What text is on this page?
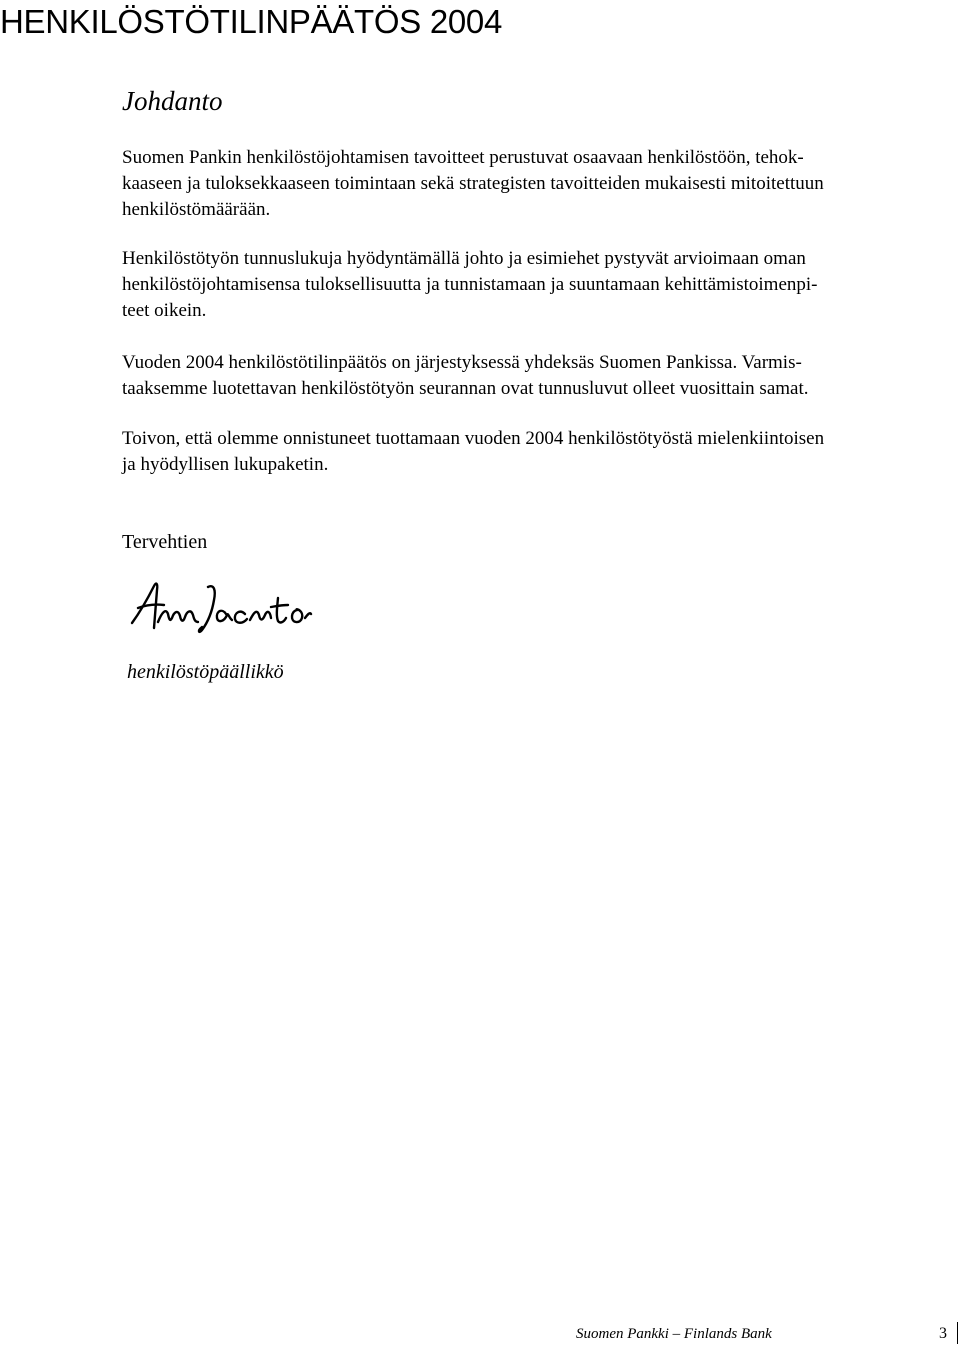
HENKILÖSTÖTILINPÄÄTÖS 2004
Johdanto

Suomen Pankin henkilöstöjohtamisen tavoitteet perustuvat osaavaan henkilöstöön, tehok-
kaaseen ja tuloksekkaaseen toimintaan sekä strategisten tavoitteiden mukaisesti mitoitettuun
henkilöstömäärään.

Henkilöstötyön tunnuslukuja hyödyntämällä johto ja esimiehet pystyvät arvioimaan oman
henkilöstöjohtamisensa tuloksellisuutta ja tunnistamaan ja suuntamaan kehittämistoimenpi-
teet oikein.

Vuoden 2004 henkilöstötilinpäätös on järjestyksessä yhdeksäs Suomen Pankissa. Varmis-
taaksemme luotettavan henkilöstötyön seurannan ovat tunnusluvut olleet vuosittain samat.

Toivon, että olemme onnistuneet tuottamaan vuoden 2004 henkilöstötyöstä mielenkiintoisen
ja hyödyllisen lukupaketin.

Tervehtien

henkilöstöpäällikkö

Suomen Pankki – Finlands Bank	3
